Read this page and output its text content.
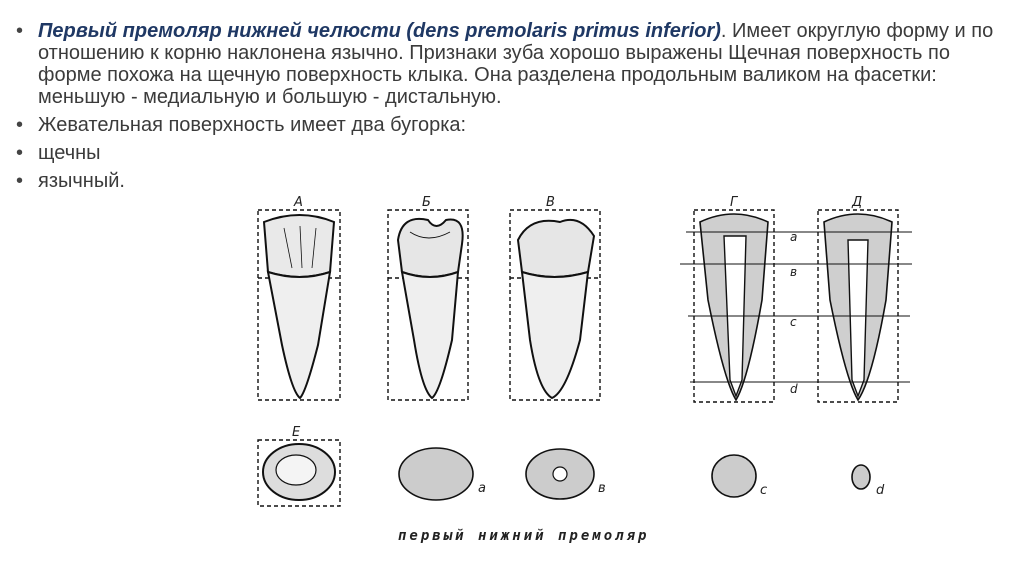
• Первый премоляр нижней челюсти (dens premolaris primus inferior). Имеет округлую форму и по отношению к корню наклонена язычно. Признаки зуба хорошо выражены Щечная поверхность по форме похожа на щечную поверхность клыка. Она разделена продольным валиком на фасетки: меньшую - медиальную и большую - дистальную.
• Жевательная поверхность имеет два бугорка:
• щечны
• язычный.
А	Б	В	Г	Д
Е
a
в
c
d
a	в	c	d
первый нижний премоляр
